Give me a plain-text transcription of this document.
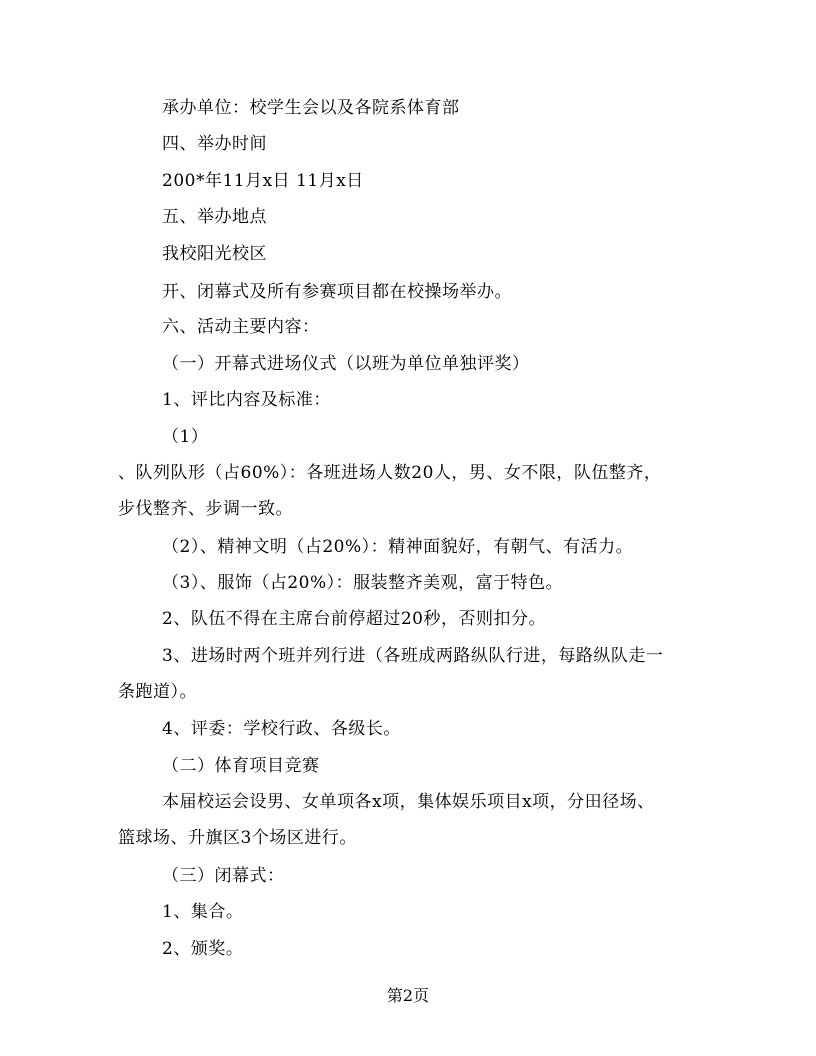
承办单位：校学生会以及各院系体育部
四、举办时间
200*年11月x日 11月x日
五、举办地点
我校阳光校区
开、闭幕式及所有参赛项目都在校操场举办。
六、活动主要内容：
（一）开幕式进场仪式（以班为单位单独评奖）
1、评比内容及标准：
（1）
、队列队形（占60%）：各班进场人数20人，男、女不限，队伍整齐，
步伐整齐、步调一致。
（2）、精神文明（占20%）：精神面貌好，有朝气、有活力。
（3）、服饰（占20%）：服装整齐美观，富于特色。
2、队伍不得在主席台前停超过20秒，否则扣分。
3、进场时两个班并列行进（各班成两路纵队行进，每路纵队走一
条跑道）。
4、评委：学校行政、各级长。
（二）体育项目竞赛
本届校运会设男、女单项各x项，集体娱乐项目x项，分田径场、
篮球场、升旗区3个场区进行。
（三）闭幕式：
1、集合。
2、颁奖。
第2页
